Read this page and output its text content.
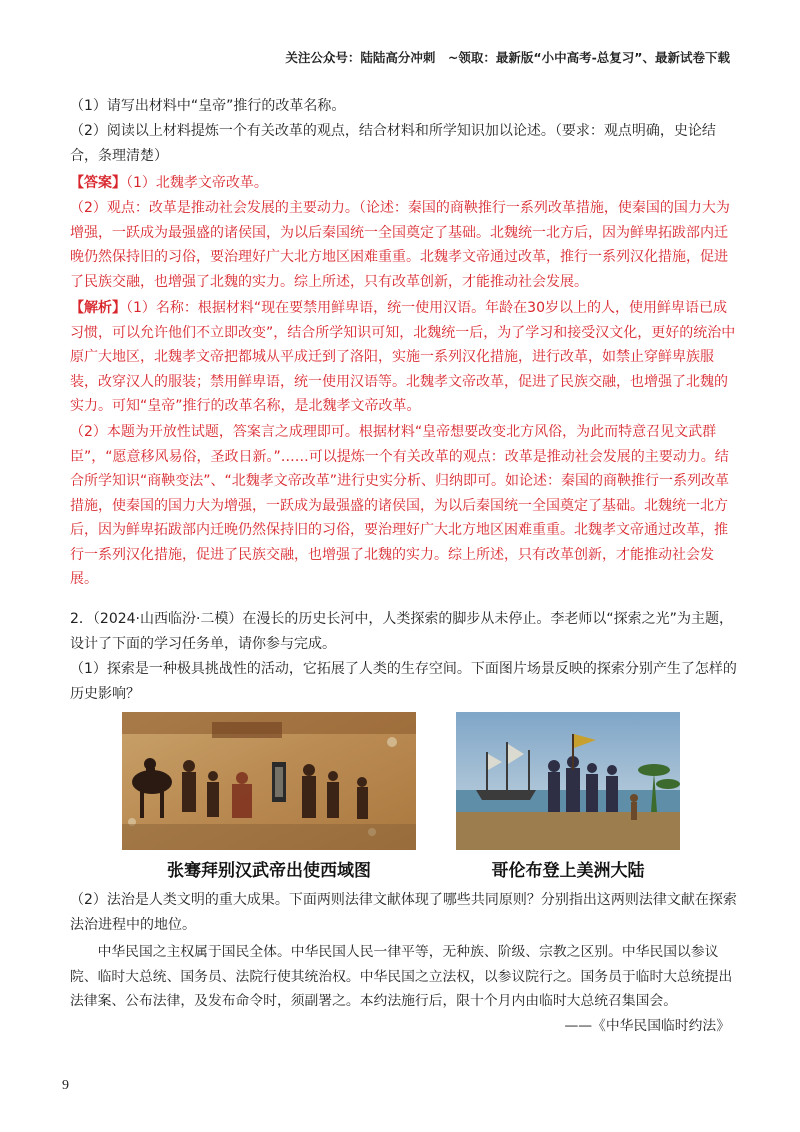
关注公众号：陆陆高分冲刺　~领取：最新版“小中高考-总复习”、最新试卷下载

（1）请写出材料中“皇帝”推行的改革名称。

（2）阅读以上材料提炼一个有关改革的观点，结合材料和所学知识加以论述。（要求：观点明确，史论结合，条理清楚）

【答案】（1）北魏孝文帝改革。

（2）观点：改革是推动社会发展的主要动力。（论述：秦国的商鞅推行一系列改革措施，使秦国的国力大为增强，一跃成为最强盛的诸侯国，为以后秦国统一全国奠定了基础。北魏统一北方后，因为鲜卑拓跋部内迁晚仍然保持旧的习俗，要治理好广大北方地区困难重重。北魏孝文帝通过改革，推行一系列汉化措施，促进了民族交融，也增强了北魏的实力。综上所述，只有改革创新，才能推动社会发展。

【解析】（1）名称：根据材料“现在要禁用鲜卑语，统一使用汉语。年龄在30岁以上的人，使用鲜卑语已成习惯，可以允许他们不立即改变”，结合所学知识可知，北魏统一后，为了学习和接受汉文化，更好的统治中原广大地区，北魏孝文帝把都城从平成迁到了洛阳，实施一系列汉化措施，进行改革，如禁止穿鲜卑族服装，改穿汉人的服装；禁用鲜卑语，统一使用汉语等。北魏孝文帝改革，促进了民族交融，也增强了北魏的实力。可知“皇帝”推行的改革名称，是北魏孝文帝改革。

（2）本题为开放性试题，答案言之成理即可。根据材料“皇帝想要改变北方风俗，为此而特意召见文武群臣”，“愿意移风易俗，圣政日新。”……可以提炼一个有关改革的观点：改革是推动社会发展的主要动力。结合所学知识“商鞅变法”、“北魏孝文帝改革”进行史实分析、归纳即可。如论述：秦国的商鞅推行一系列改革措施，使秦国的国力大为增强，一跃成为最强盛的诸侯国，为以后秦国统一全国奠定了基础。北魏统一北方后，因为鲜卑拓跋部内迁晚仍然保持旧的习俗，要治理好广大北方地区困难重重。北魏孝文帝通过改革，推行一系列汉化措施，促进了民族交融，也增强了北魏的实力。综上所述，只有改革创新，才能推动社会发展。

2．（2024·山西临汾·二模）在漫长的历史长河中，人类探索的脚步从未停止。李老师以“探索之光”为主题，设计了下面的学习任务单，请你参与完成。

（1）探索是一种极具挑战性的活动，它拓展了人类的生存空间。下面图片场景反映的探索分别产生了怎样的历史影响？

张骞拜别汉武帝出使西域图	哥伦布登上美洲大陆

（2）法治是人类文明的重大成果。下面两则法律文献体现了哪些共同原则？分别指出这两则法律文献在探索法治进程中的地位。

中华民国之主权属于国民全体。中华民国人民一律平等，无种族、阶级、宗教之区别。中华民国以参议院、临时大总统、国务员、法院行使其统治权。中华民国之立法权，以参议院行之。国务员于临时大总统提出法律案、公布法律，及发布命令时，须副署之。本约法施行后，限十个月内由临时大总统召集国会。

——《中华民国临时约法》
9
